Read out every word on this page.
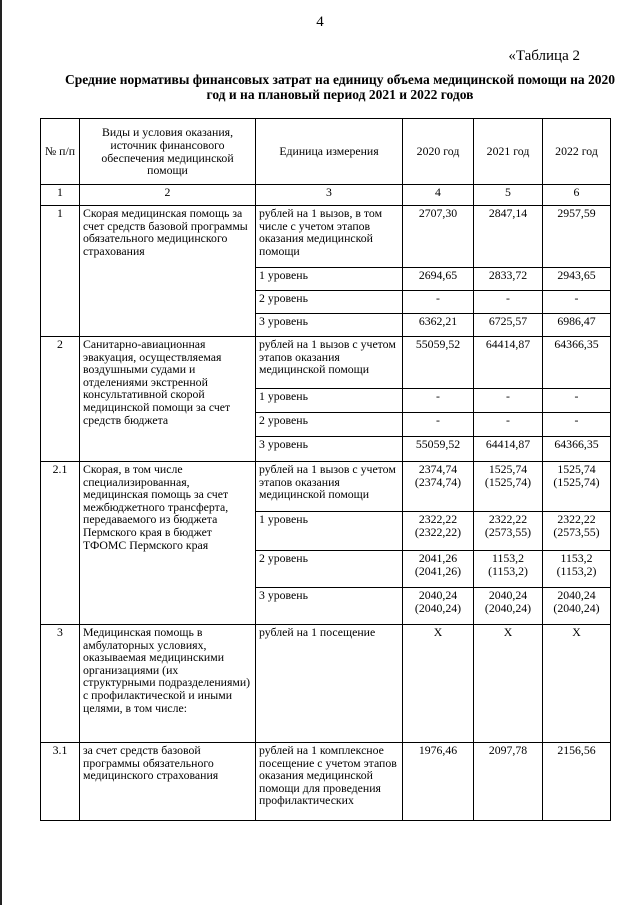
4
«Таблица 2
Средние нормативы финансовых затрат на единицу объема медицинской помощи на 2020 год и на плановый период 2021 и 2022 годов
№ п/п	Виды и условия оказания, источник финансового обеспечения медицинской помощи	Единица измерения	2020 год	2021 год	2022 год
1	2	3	4	5	6
1	Скорая медицинская помощь за счет средств базовой программы обязательного медицинского страхования	рублей на 1 вызов, в том числе с учетом этапов оказания медицинской помощи	2707,30	2847,14	2957,59
		1 уровень	2694,65	2833,72	2943,65
		2 уровень	-	-	-
		3 уровень	6362,21	6725,57	6986,47
2	Санитарно-авиационная эвакуация, осуществляемая воздушными судами и отделениями экстренной консультативной скорой медицинской помощи за счет средств бюджета	рублей на 1 вызов с учетом этапов оказания медицинской помощи	55059,52	64414,87	64366,35
		1 уровень	-	-	-
		2 уровень	-	-	-
		3 уровень	55059,52	64414,87	64366,35
2.1	Скорая, в том числе специализированная, медицинская помощь за счет межбюджетного трансферта, передаваемого из бюджета Пермского края в бюджет ТФОМС Пермского края	рублей на 1 вызов с учетом этапов оказания медицинской помощи	2374,74 (2374,74)	1525,74 (1525,74)	1525,74 (1525,74)
		1 уровень	2322,22 (2322,22)	2322,22 (2573,55)	2322,22 (2573,55)
		2 уровень	2041,26 (2041,26)	1153,2 (1153,2)	1153,2 (1153,2)
		3 уровень	2040,24 (2040,24)	2040,24 (2040,24)	2040,24 (2040,24)
3	Медицинская помощь в амбулаторных условиях, оказываемая медицинскими организациями (их структурными подразделениями) с профилактической и иными целями, в том числе:	рублей на 1 посещение	Х	Х	Х
3.1	за счет средств базовой программы обязательного медицинского страхования	рублей на 1 комплексное посещение с учетом этапов оказания медицинской помощи для проведения профилактических	1976,46	2097,78	2156,56
